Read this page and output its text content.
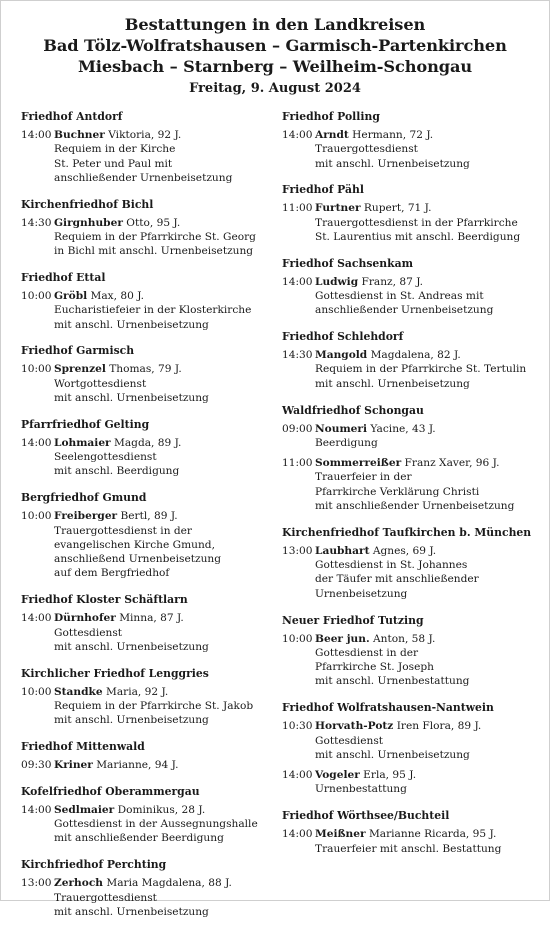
Bestattungen in den Landkreisen
Bad Tölz-Wolfratshausen – Garmisch-Partenkirchen
Miesbach – Starnberg – Weilheim-Schongau
Freitag, 9. August 2024
Friedhof Antdorf
14:00 Buchner Viktoria, 92 J.
Requiem in der Kirche
St. Peter und Paul mit
anschließender Urnenbeisetzung
Kirchenfriedhof Bichl
14:30 Girgnhuber Otto, 95 J.
Requiem in der Pfarrkirche St. Georg
in Bichl mit anschl. Urnenbeisetzung
Friedhof Ettal
10:00 Gröbl Max, 80 J.
Eucharistiefeier in der Klosterkirche
mit anschl. Urnenbeisetzung
Friedhof Garmisch
10:00 Sprenzel Thomas, 79 J.
Wortgottesdienst
mit anschl. Urnenbeisetzung
Pfarrfriedhof Gelting
14:00 Lohmaier Magda, 89 J.
Seelengottesdienst
mit anschl. Beerdigung
Bergfriedhof Gmund
10:00 Freiberger Bertl, 89 J.
Trauergottesdienst in der
evangelischen Kirche Gmund,
anschließend Urnenbeisetzung
auf dem Bergfriedhof
Friedhof Kloster Schäftlarn
14:00 Dürnhofer Minna, 87 J.
Gottesdienst
mit anschl. Urnenbeisetzung
Kirchlicher Friedhof Lenggries
10:00 Standke Maria, 92 J.
Requiem in der Pfarrkirche St. Jakob
mit anschl. Urnenbeisetzung
Friedhof Mittenwald
09:30 Kriner Marianne, 94 J.
Kofelfriedhof Oberammergau
14:00 Sedlmaier Dominikus, 28 J.
Gottesdienst in der Aussegnungshalle
mit anschließender Beerdigung
Kirchfriedhof Perchting
13:00 Zerhoch Maria Magdalena, 88 J.
Trauergottesdienst
mit anschl. Urnenbeisetzung
Friedhof Polling
14:00 Arndt Hermann, 72 J.
Trauergottesdienst
mit anschl. Urnenbeisetzung
Friedhof Pähl
11:00 Furtner Rupert, 71 J.
Trauergottesdienst in der Pfarrkirche
St. Laurentius mit anschl. Beerdigung
Friedhof Sachsenkam
14:00 Ludwig Franz, 87 J.
Gottesdienst in St. Andreas mit
anschließender Urnenbeisetzung
Friedhof Schlehdorf
14:30 Mangold Magdalena, 82 J.
Requiem in der Pfarrkirche St. Tertulin
mit anschl. Urnenbeisetzung
Waldfriedhof Schongau
09:00 Noumeri Yacine, 43 J.
Beerdigung
11:00 Sommerreißer Franz Xaver, 96 J.
Trauerfeier in der
Pfarrkirche Verklärung Christi
mit anschließender Urnenbeisetzung
Kirchenfriedhof Taufkirchen b. München
13:00 Laubhart Agnes, 69 J.
Gottesdienst in St. Johannes
der Täufer mit anschließender
Urnenbeisetzung
Neuer Friedhof Tutzing
10:00 Beer jun. Anton, 58 J.
Gottesdienst in der
Pfarrkirche St. Joseph
mit anschl. Urnenbestattung
Friedhof Wolfratshausen-Nantwein
10:30 Horvath-Potz Iren Flora, 89 J.
Gottesdienst
mit anschl. Urnenbeisetzung
14:00 Vogeler Erla, 95 J.
Urnenbestattung
Friedhof Wörthsee/Buchteil
14:00 Meißner Marianne Ricarda, 95 J.
Trauerfeier mit anschl. Bestattung
